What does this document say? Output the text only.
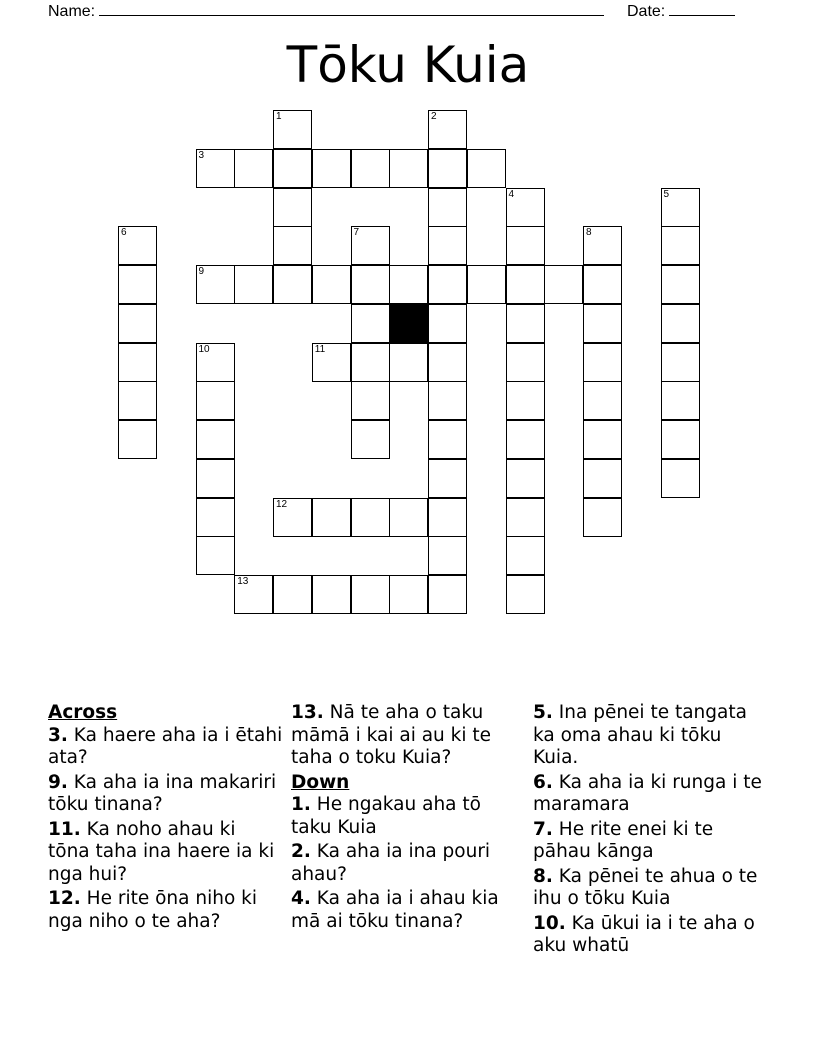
Name:	Date:
Tōku Kuia
3
9
11
12
13
1	2
4	5
6	7	8
10
Across
3. Ka haere aha ia i ētahi ata?
9. Ka aha ia ina makariri tōku tinana?
11. Ka noho ahau ki tōna taha ina haere ia ki nga hui?
12. He rite ōna niho ki nga niho o te aha?
13. Nā te aha o taku māmā i kai ai au ki te taha o toku Kuia?
Down
1. He ngakau aha tō taku Kuia
2. Ka aha ia ina pouri ahau?
4. Ka aha ia i ahau kia mā ai tōku tinana?
5. Ina pēnei te tangata ka oma ahau ki tōku Kuia.
6. Ka aha ia ki runga i te maramara
7. He rite enei ki te pāhau kānga
8. Ka pēnei te ahua o te ihu o tōku Kuia
10. Ka ūkui ia i te aha o aku whatū
